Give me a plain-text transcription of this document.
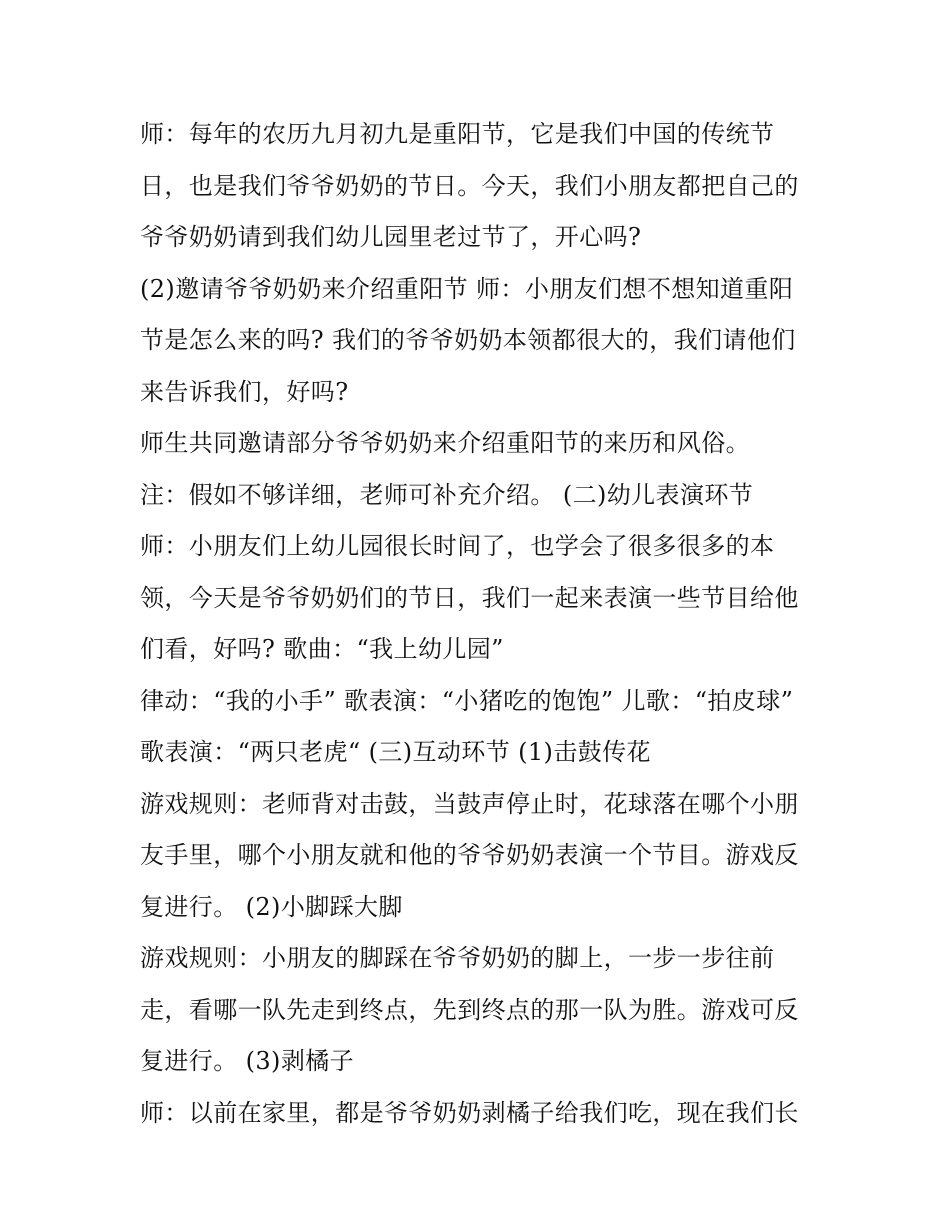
师：每年的农历九月初九是重阳节，它是我们中国的传统节
日，也是我们爷爷奶奶的节日。今天，我们小朋友都把自己的
爷爷奶奶请到我们幼儿园里老过节了，开心吗?
(2)邀请爷爷奶奶来介绍重阳节 师：小朋友们想不想知道重阳
节是怎么来的吗? 我们的爷爷奶奶本领都很大的，我们请他们
来告诉我们，好吗?
师生共同邀请部分爷爷奶奶来介绍重阳节的来历和风俗。
注：假如不够详细，老师可补充介绍。 (二)幼儿表演环节
师：小朋友们上幼儿园很长时间了，也学会了很多很多的本
领，今天是爷爷奶奶们的节日，我们一起来表演一些节目给他
们看，好吗? 歌曲：“我上幼儿园”
律动：“我的小手” 歌表演：“小猪吃的饱饱” 儿歌：“拍皮球”
歌表演：“两只老虎“ (三)互动环节 (1)击鼓传花
游戏规则：老师背对击鼓，当鼓声停止时，花球落在哪个小朋
友手里，哪个小朋友就和他的爷爷奶奶表演一个节目。游戏反
复进行。 (2)小脚踩大脚
游戏规则：小朋友的脚踩在爷爷奶奶的脚上，一步一步往前
走，看哪一队先走到终点，先到终点的那一队为胜。游戏可反
复进行。 (3)剥橘子
师：以前在家里，都是爷爷奶奶剥橘子给我们吃，现在我们长
